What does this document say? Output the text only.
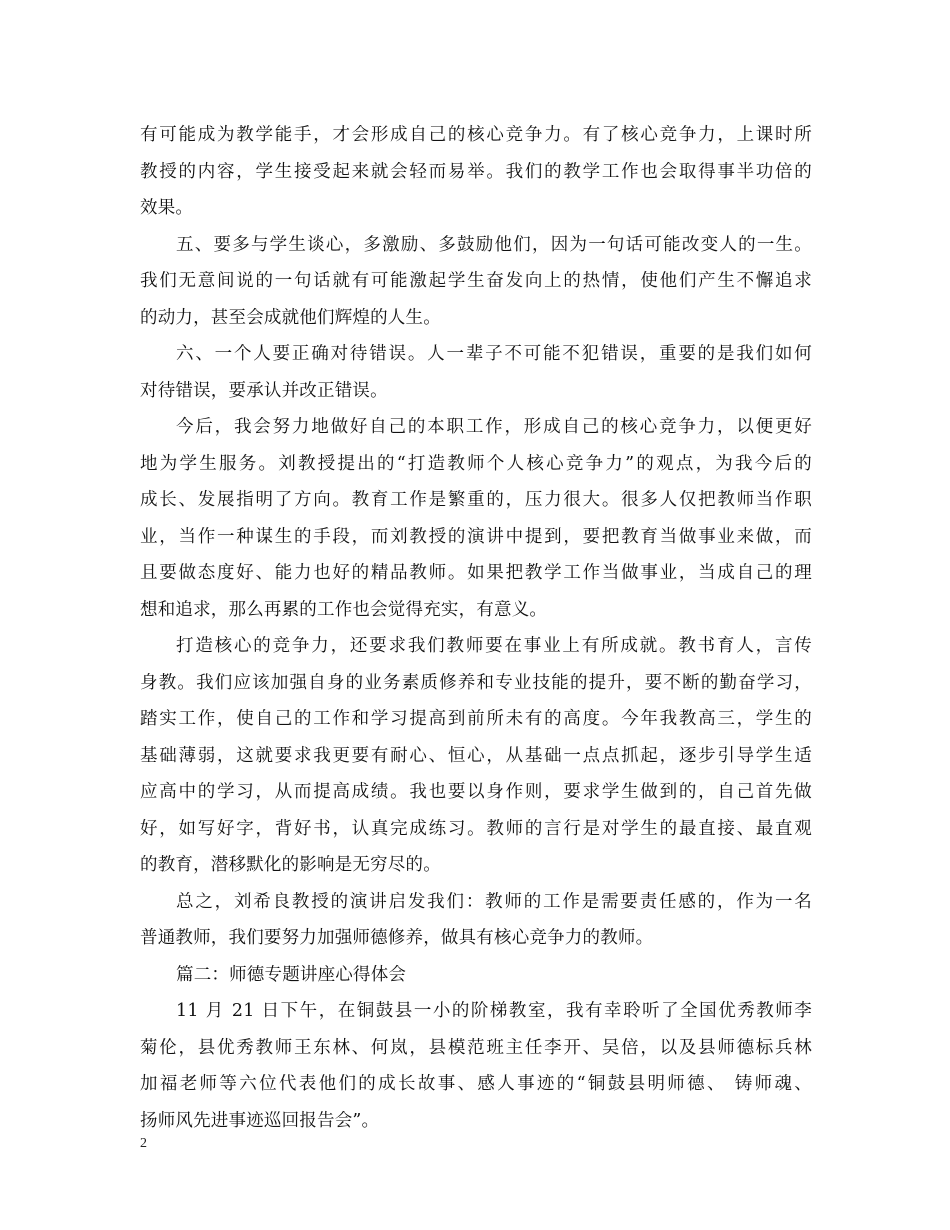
有可能成为教学能手，才会形成自己的核心竞争力。有了核心竞争力，上课时所
教授的内容，学生接受起来就会轻而易举。我们的教学工作也会取得事半功倍的
效果。
五、要多与学生谈心，多激励、多鼓励他们，因为一句话可能改变人的一生。
我们无意间说的一句话就有可能激起学生奋发向上的热情，使他们产生不懈追求
的动力，甚至会成就他们辉煌的人生。
六、一个人要正确对待错误。人一辈子不可能不犯错误，重要的是我们如何
对待错误，要承认并改正错误。
今后，我会努力地做好自己的本职工作，形成自己的核心竞争力，以便更好
地为学生服务。刘教授提出的“打造教师个人核心竞争力”的观点，为我今后的
成长、发展指明了方向。教育工作是繁重的，压力很大。很多人仅把教师当作职
业，当作一种谋生的手段，而刘教授的演讲中提到，要把教育当做事业来做，而
且要做态度好、能力也好的精品教师。如果把教学工作当做事业，当成自己的理
想和追求，那么再累的工作也会觉得充实，有意义。
打造核心的竞争力，还要求我们教师要在事业上有所成就。教书育人，言传
身教。我们应该加强自身的业务素质修养和专业技能的提升，要不断的勤奋学习，
踏实工作，使自己的工作和学习提高到前所未有的高度。今年我教高三，学生的
基础薄弱，这就要求我更要有耐心、恒心，从基础一点点抓起，逐步引导学生适
应高中的学习，从而提高成绩。我也要以身作则，要求学生做到的，自己首先做
好，如写好字，背好书，认真完成练习。教师的言行是对学生的最直接、最直观
的教育，潜移默化的影响是无穷尽的。
总之，刘希良教授的演讲启发我们：教师的工作是需要责任感的，作为一名
普通教师，我们要努力加强师德修养，做具有核心竞争力的教师。
篇二：师德专题讲座心得体会
11 月 21 日下午，在铜鼓县一小的阶梯教室，我有幸聆听了全国优秀教师李
菊伦，县优秀教师王东林、何岚，县模范班主任李开、吴倍，以及县师德标兵林
加福老师等六位代表他们的成长故事、感人事迹的“铜鼓县明师德、 铸师魂、
扬师风先进事迹巡回报告会”。
2
